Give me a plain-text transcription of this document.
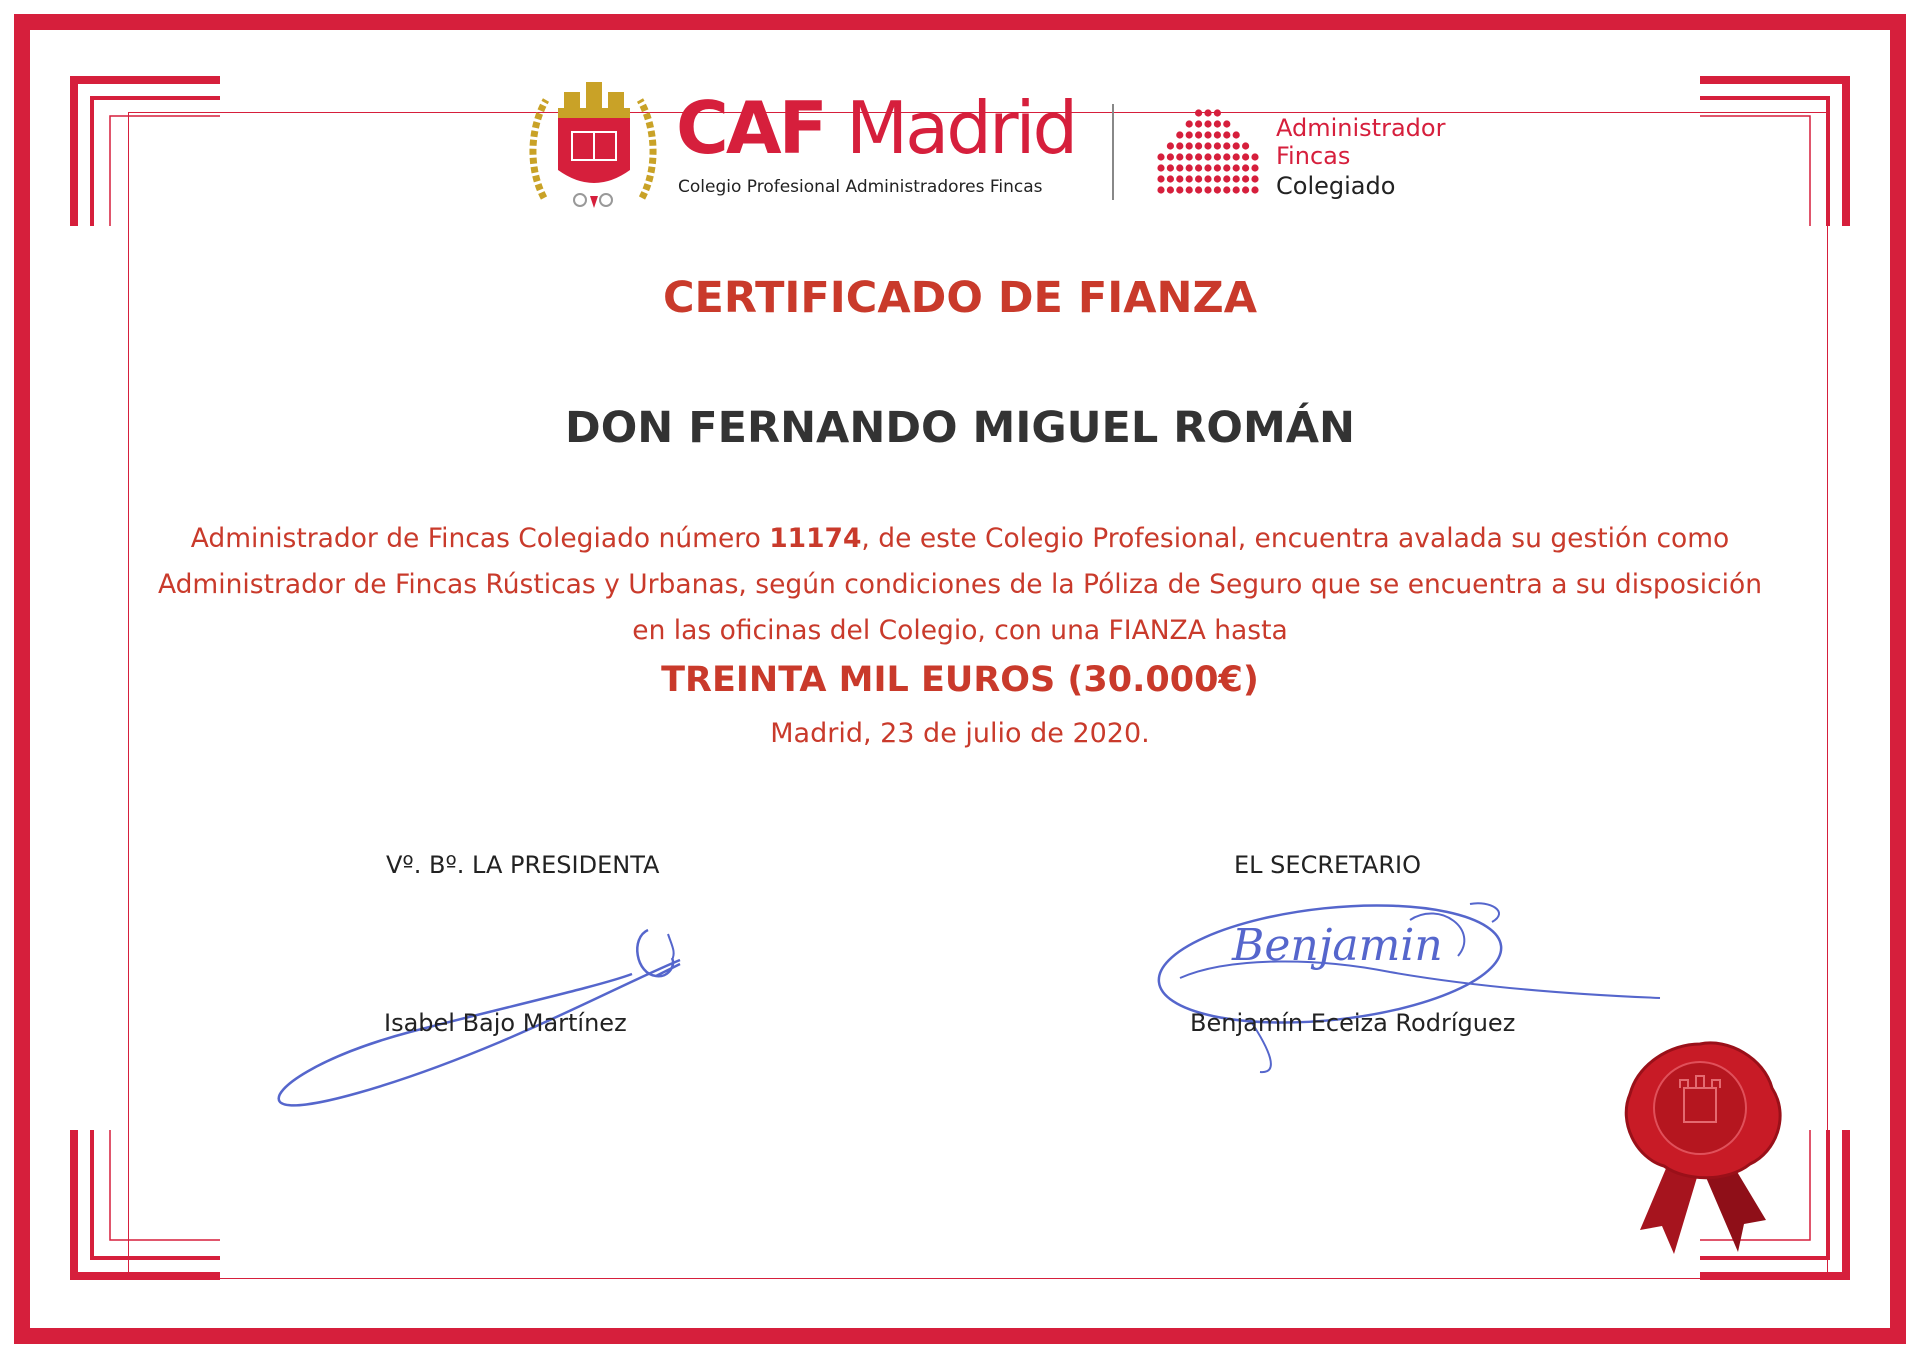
CAF Madrid
Colegio Profesional Administradores Fincas
Administrador
Fincas
Colegiado
CERTIFICADO DE FIANZA
DON FERNANDO MIGUEL ROMÁN
Administrador de Fincas Colegiado número 11174, de este Colegio Profesional, encuentra avalada su gestión como Administrador de Fincas Rústicas y Urbanas, según condiciones de la Póliza de Seguro que se encuentra a su disposición en las oficinas del Colegio, con una FIANZA hasta
TREINTA MIL EUROS (30.000€)
Madrid, 23 de julio de 2020.
Vº. Bº. LA PRESIDENTA	EL SECRETARIO
Benjamin
Isabel Bajo Martínez	Benjamín Eceiza Rodríguez
